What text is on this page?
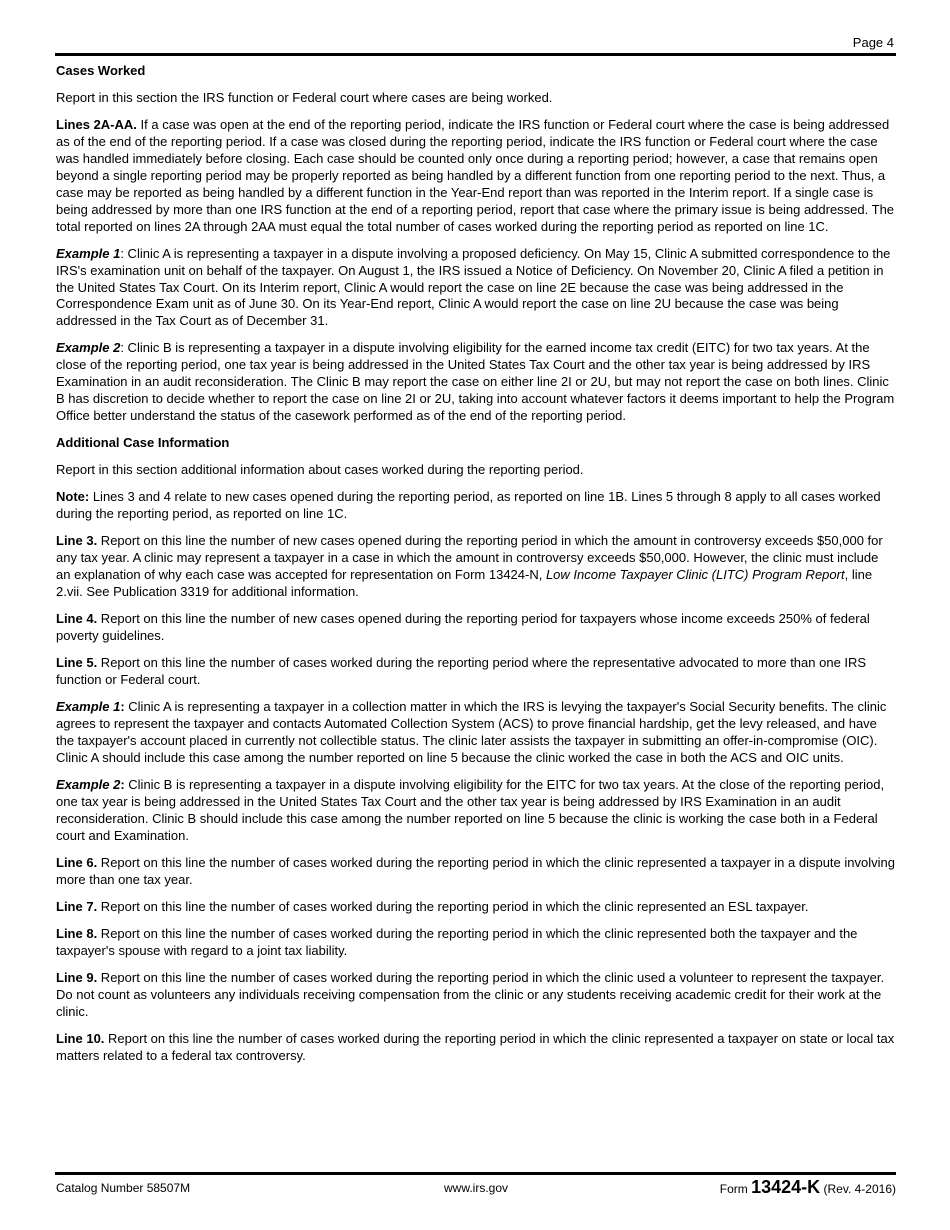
Page 4
Cases Worked

Report in this section the IRS function or Federal court where cases are being worked.

Lines 2A-AA. If a case was open at the end of the reporting period, indicate the IRS function or Federal court where the case is being addressed as of the end of the reporting period. If a case was closed during the reporting period, indicate the IRS function or Federal court where the case was handled immediately before closing. Each case should be counted only once during a reporting period; however, a case that remains open beyond a single reporting period may be properly reported as being handled by a different function from one reporting period to the next. Thus, a case may be reported as being handled by a different function in the Year-End report than was reported in the Interim report. If a single case is being addressed by more than one IRS function at the end of a reporting period, report that case where the primary issue is being addressed. The total reported on lines 2A through 2AA must equal the total number of cases worked during the reporting period as reported on line 1C.

Example 1: Clinic A is representing a taxpayer in a dispute involving a proposed deficiency. On May 15, Clinic A submitted correspondence to the IRS's examination unit on behalf of the taxpayer. On August 1, the IRS issued a Notice of Deficiency. On November 20, Clinic A filed a petition in the United States Tax Court. On its Interim report, Clinic A would report the case on line 2E because the case was being addressed in the Correspondence Exam unit as of June 30. On its Year-End report, Clinic A would report the case on line 2U because the case was being addressed in the Tax Court as of December 31.

Example 2: Clinic B is representing a taxpayer in a dispute involving eligibility for the earned income tax credit (EITC) for two tax years. At the close of the reporting period, one tax year is being addressed in the United States Tax Court and the other tax year is being addressed by IRS Examination in an audit reconsideration. The Clinic B may report the case on either line 2I or 2U, but may not report the case on both lines. Clinic B has discretion to decide whether to report the case on line 2I or 2U, taking into account whatever factors it deems important to help the Program Office better understand the status of the casework performed as of the end of the reporting period.

Additional Case Information

Report in this section additional information about cases worked during the reporting period.

Note: Lines 3 and 4 relate to new cases opened during the reporting period, as reported on line 1B. Lines 5 through 8 apply to all cases worked during the reporting period, as reported on line 1C.

Line 3. Report on this line the number of new cases opened during the reporting period in which the amount in controversy exceeds $50,000 for any tax year. A clinic may represent a taxpayer in a case in which the amount in controversy exceeds $50,000. However, the clinic must include an explanation of why each case was accepted for representation on Form 13424-N, Low Income Taxpayer Clinic (LITC) Program Report, line 2.vii. See Publication 3319 for additional information.

Line 4. Report on this line the number of new cases opened during the reporting period for taxpayers whose income exceeds 250% of federal poverty guidelines.

Line 5. Report on this line the number of cases worked during the reporting period where the representative advocated to more than one IRS function or Federal court.

Example 1: Clinic A is representing a taxpayer in a collection matter in which the IRS is levying the taxpayer's Social Security benefits. The clinic agrees to represent the taxpayer and contacts Automated Collection System (ACS) to prove financial hardship, get the levy released, and have the taxpayer's account placed in currently not collectible status. The clinic later assists the taxpayer in submitting an offer-in-compromise (OIC). Clinic A should include this case among the number reported on line 5 because the clinic worked the case in both the ACS and OIC units.

Example 2: Clinic B is representing a taxpayer in a dispute involving eligibility for the EITC for two tax years. At the close of the reporting period, one tax year is being addressed in the United States Tax Court and the other tax year is being addressed by IRS Examination in an audit reconsideration. Clinic B should include this case among the number reported on line 5 because the clinic is working the case both in a Federal court and Examination.

Line 6. Report on this line the number of cases worked during the reporting period in which the clinic represented a taxpayer in a dispute involving more than one tax year.

Line 7. Report on this line the number of cases worked during the reporting period in which the clinic represented an ESL taxpayer.

Line 8. Report on this line the number of cases worked during the reporting period in which the clinic represented both the taxpayer and the taxpayer's spouse with regard to a joint tax liability.

Line 9. Report on this line the number of cases worked during the reporting period in which the clinic used a volunteer to represent the taxpayer. Do not count as volunteers any individuals receiving compensation from the clinic or any students receiving academic credit for their work at the clinic.

Line 10. Report on this line the number of cases worked during the reporting period in which the clinic represented a taxpayer on state or local tax matters related to a federal tax controversy.

Catalog Number 58507M	www.irs.gov	Form 13424-K (Rev. 4-2016)
